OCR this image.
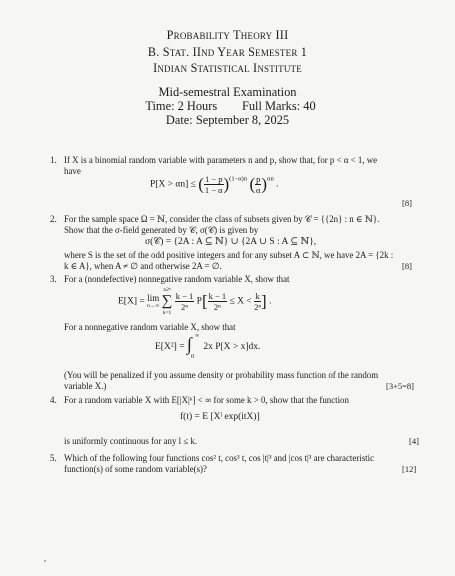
Probability Theory III
B. Stat. IInd Year Semester 1
Indian Statistical Institute
Mid-semestral Examination
Time: 2 Hours        Full Marks: 40
Date: September 8, 2025
1. If X is a binomial random variable with parameters n and p, show that, for p < α < 1, we
have
P[X > αn] ≤ ( $\frac{1 - p}{1 - \alpha} )^{(1-\alpha)n}$ ( $\frac{p}{\alpha} )^{\alpha n}$ .
[8]
2. For the sample space Ω = ℕ, consider the class of subsets given by 𝒞 = {{2n} : n ∈ ℕ}.
Show that the σ-field generated by 𝒞, σ(𝒞) is given by
σ(𝒞) = {2A : A ⊆ ℕ} ∪ {2A ∪ S : A ⊆ ℕ},
where S is the set of the odd positive integers and for any subset A ⊂ ℕ, we have 2A = {2k :
k ∈ A}, when A ≠ ∅ and otherwise 2A = ∅.	[8]
3. For a (nondefective) nonnegative random variable X, show that
E[X] = lim
n→∞

n2ⁿ
∑
k=1

$\frac{k - 1}{\text{2ⁿ}} P[ \frac{k - 1}{\text{2ⁿ}} \le X < \frac{k}{\text{2ⁿ}}$ ] .
For a nonnegative random variable X, show that
E[X²] = ∫ ∞
0
2x P[X > x]dx.
(You will be penalized if you assume density or probability mass function of the random
variable X.)	[3+5=8]
4. For a random variable X with E[|X|ᵏ] < ∞ for some k > 0, show that the function
f(t) = E [Xˡ exp(itX)]
is uniformly continuous for any l ≤ k.	[4]
5. Which of the following four functions cos² t, cos³ t, cos |t|³ and |cos t|³ are characteristic
function(s) of some random variable(s)?	[12]
